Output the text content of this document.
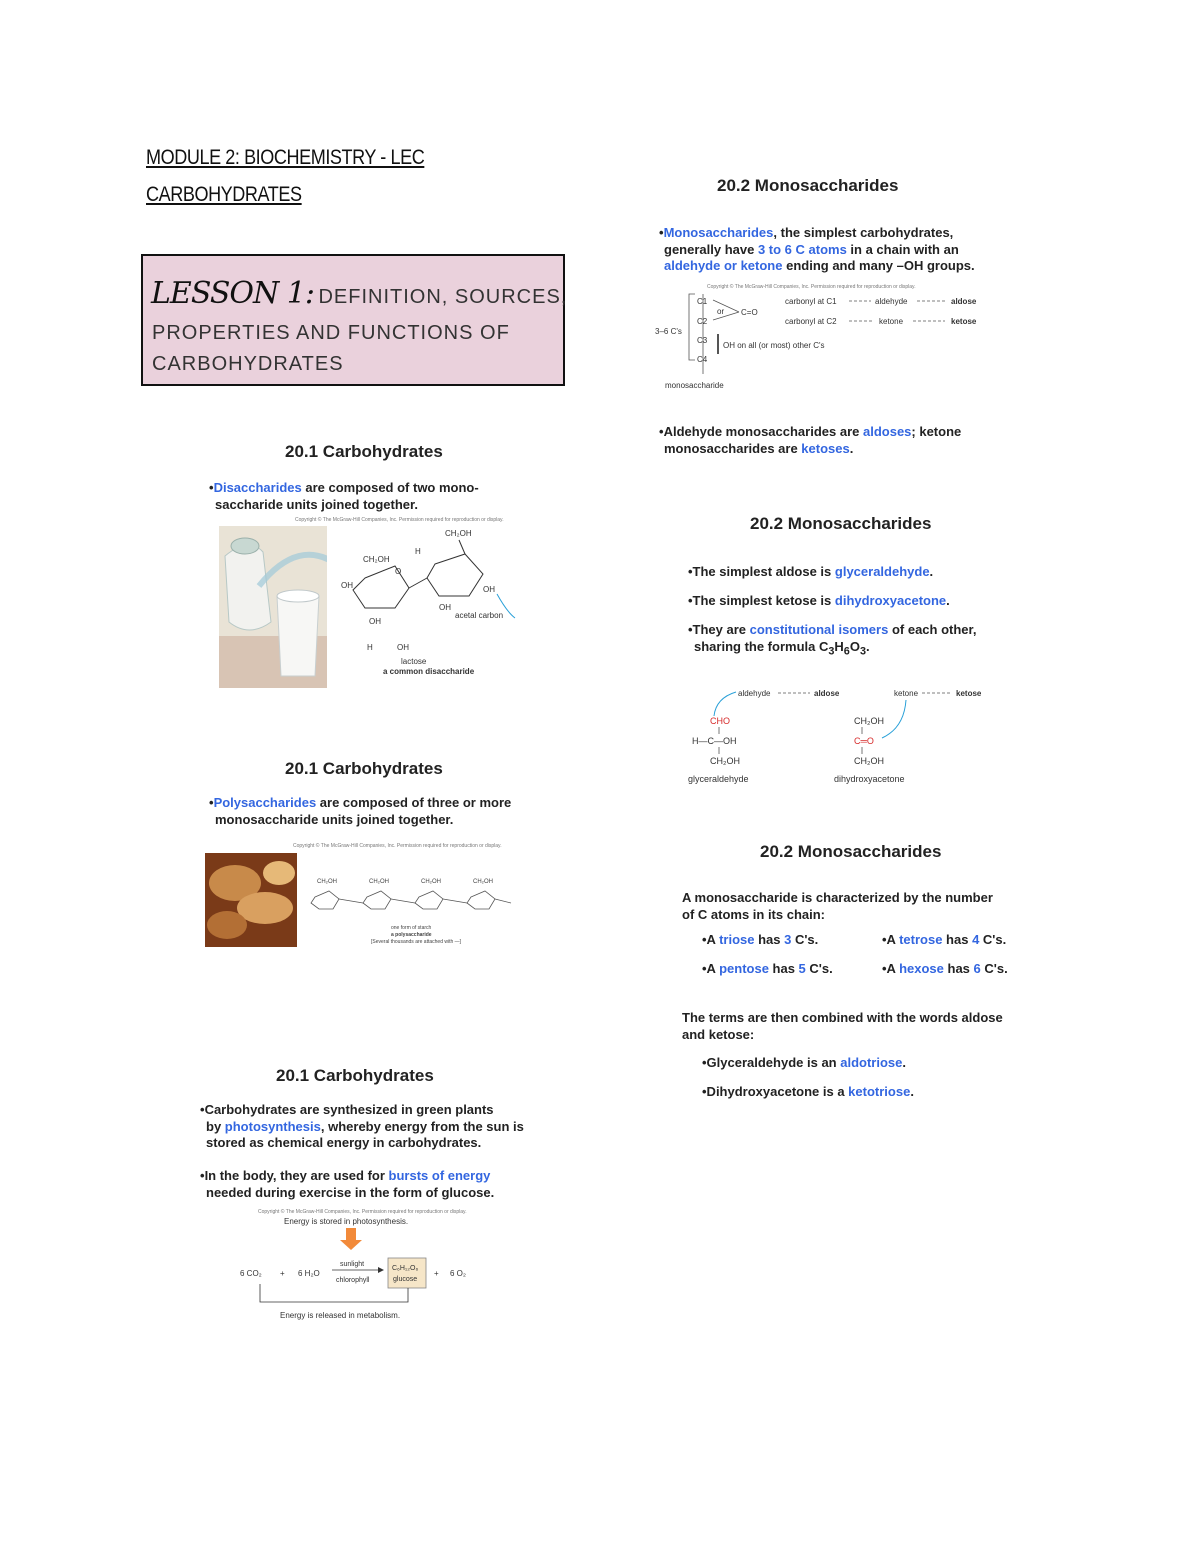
MODULE 2: BIOCHEMISTRY - LEC
CARBOHYDRATES
LESSON 1: DEFINITION, SOURCES,
PROPERTIES AND FUNCTIONS OF
CARBOHYDRATES
20.1 Carbohydrates
•Disaccharides are composed of two mono-
saccharide units joined together.
Copyright © The McGraw-Hill Companies, Inc. Permission required for reproduction or display.
CH₂OH
CH₂OH
OH	OH
OH
OH
OH
H
H
O
acetal carbon
lactose
a common disaccharide
20.1 Carbohydrates
•Polysaccharides are composed of three or more
monosaccharide units joined together.
Copyright © The McGraw-Hill Companies, Inc. Permission required for reproduction or display.
CH₂OH	CH₂OH	CH₂OH	CH₂OH
one form of starch
a polysaccharide
[Several thousands are attached with —]
20.1 Carbohydrates
•Carbohydrates are synthesized in green plants
by photosynthesis, whereby energy from the sun is
stored as chemical energy in carbohydrates.
•In the body, they are used for bursts of energy
needed during exercise in the form of glucose.
Copyright © The McGraw-Hill Companies, Inc. Permission required for reproduction or display.
Energy is stored in photosynthesis.
6 CO₂ + 6 H₂O
sunlight
chlorophyll
C₆H₁₂O₆
glucose
+ 6 O₂
Energy is released in metabolism.
20.2 Monosaccharides
•Monosaccharides, the simplest carbohydrates,
generally have 3 to 6 C atoms in a chain with an
aldehyde or ketone ending and many –OH groups.
Copyright © The McGraw-Hill Companies, Inc. Permission required for reproduction or display.
3–6 C's
C1
or
C2
C3
C4
C=O
OH on all (or most) other C's
carbonyl at C1	aldehyde	aldose
carbonyl at C2	ketone	ketose
monosaccharide
•Aldehyde monosaccharides are aldoses; ketone
monosaccharides are ketoses.
20.2 Monosaccharides
•The simplest aldose is glyceraldehyde.
•The simplest ketose is dihydroxyacetone.
•They are constitutional isomers of each other,
sharing the formula $C_3H_6O_3$.
aldehyde	aldose	ketone	ketose
CHO
H—C—OH
CH₂OH
glyceraldehyde
CH₂OH
C═O
CH₂OH
dihydroxyacetone
20.2 Monosaccharides
A monosaccharide is characterized by the number
of C atoms in its chain:
•A triose has 3 C's.	•A tetrose has 4 C's.
•A pentose has 5 C's.	•A hexose has 6 C's.
The terms are then combined with the words aldose
and ketose:
•Glyceraldehyde is an aldotriose.
•Dihydroxyacetone is a ketotriose.
